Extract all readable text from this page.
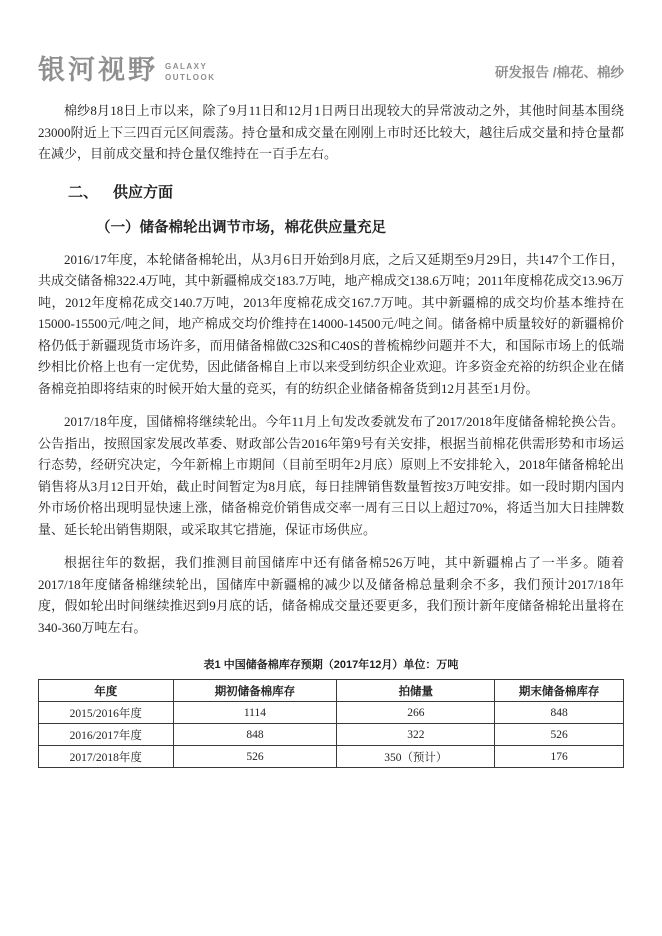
银河视野 GALAXY
OUTLOOK	研发报告 /棉花、棉纱

棉纱8月18日上市以来，除了9月11日和12月1日两日出现较大的异常波动之外，其他时间基本围绕23000附近上下三四百元区间震荡。持仓量和成交量在刚刚上市时还比较大，越往后成交量和持仓量都在减少，目前成交量和持仓量仅维持在一百手左右。

二、    供应方面
（一）储备棉轮出调节市场，棉花供应量充足

2016/17年度，本轮储备棉轮出，从3月6日开始到8月底，之后又延期至9月29日，共147个工作日，共成交储备棉322.4万吨，其中新疆棉成交183.7万吨，地产棉成交138.6万吨；2011年度棉花成交13.96万吨，2012年度棉花成交140.7万吨，2013年度棉花成交167.7万吨。其中新疆棉的成交均价基本维持在15000-15500元/吨之间，地产棉成交均价维持在14000-14500元/吨之间。储备棉中质量较好的新疆棉价格仍低于新疆现货市场许多，而用储备棉做C32S和C40S的普梳棉纱问题并不大，和国际市场上的低端纱相比价格上也有一定优势，因此储备棉自上市以来受到纺织企业欢迎。许多资金充裕的纺织企业在储备棉竞拍即将结束的时候开始大量的竞买，有的纺织企业储备棉备货到12月甚至1月份。

2017/18年度，国储棉将继续轮出。今年11月上旬发改委就发布了2017/2018年度储备棉轮换公告。公告指出，按照国家发展改革委、财政部公告2016年第9号有关安排，根据当前棉花供需形势和市场运行态势，经研究决定，今年新棉上市期间（目前至明年2月底）原则上不安排轮入，2018年储备棉轮出销售将从3月12日开始，截止时间暂定为8月底，每日挂牌销售数量暂按3万吨安排。如一段时期内国内外市场价格出现明显快速上涨，储备棉竞价销售成交率一周有三日以上超过70%，将适当加大日挂牌数量、延长轮出销售期限，或采取其它措施，保证市场供应。

根据往年的数据，我们推测目前国储库中还有储备棉526万吨，其中新疆棉占了一半多。随着2017/18年度储备棉继续轮出，国储库中新疆棉的减少以及储备棉总量剩余不多，我们预计2017/18年度，假如轮出时间继续推迟到9月底的话，储备棉成交量还要更多，我们预计新年度储备棉轮出量将在340-360万吨左右。

表1 中国储备棉库存预期（2017年12月）单位：万吨
年度	期初储备棉库存	拍储量	期末储备棉库存
2015/2016年度	1114	266	848
2016/2017年度	848	322	526
2017/2018年度	526	350（预计）	176
